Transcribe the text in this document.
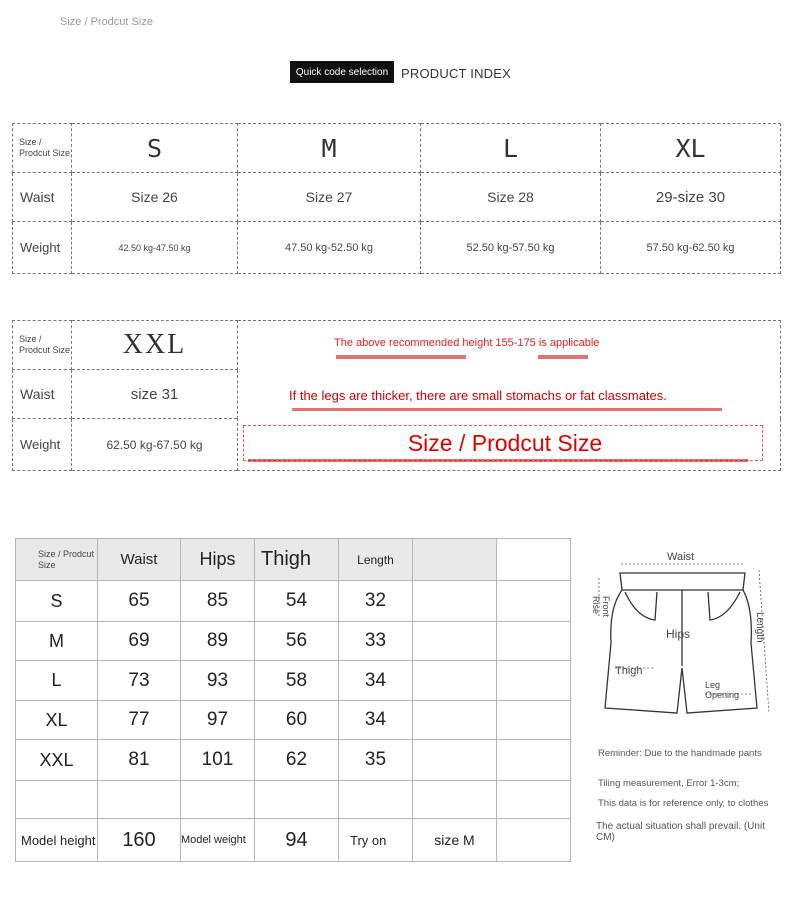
Size / Prodcut Size
Quick code selection PRODUCT INDEX
Size / Prodcut Size	S	M	L	XL
Waist	Size 26	Size 27	Size 28	29-size 30
Weight	42.50 kg-47.50 kg	47.50 kg-52.50 kg	52.50 kg-57.50 kg	57.50 kg-62.50 kg
Size / Prodcut Size	XXL	The above recommended height 155-175 is applicable
If the legs are thicker, there are small stomachs or fat classmates.
Size / Prodcut Size

Waist	size 31	
Weight	62.50 kg-67.50 kg	
Size / Prodcut Size	Waist	Hips	Thigh	Length		
S	65	85	54	32		
M	69	89	56	33		
L	73	93	58	34		
XL	77	97	60	34		
XXL	81	101	62	35		

Model height	160	Model weight	94	Try on	size M	
Waist
Front Rise
Length
Hips
Thigh
Leg Opening
Reminder: Due to the handmade pants
Tiling measurement, Error 1-3cm;
This data is for reference only, to clothes
The actual situation shall prevail. (Unit CM)
